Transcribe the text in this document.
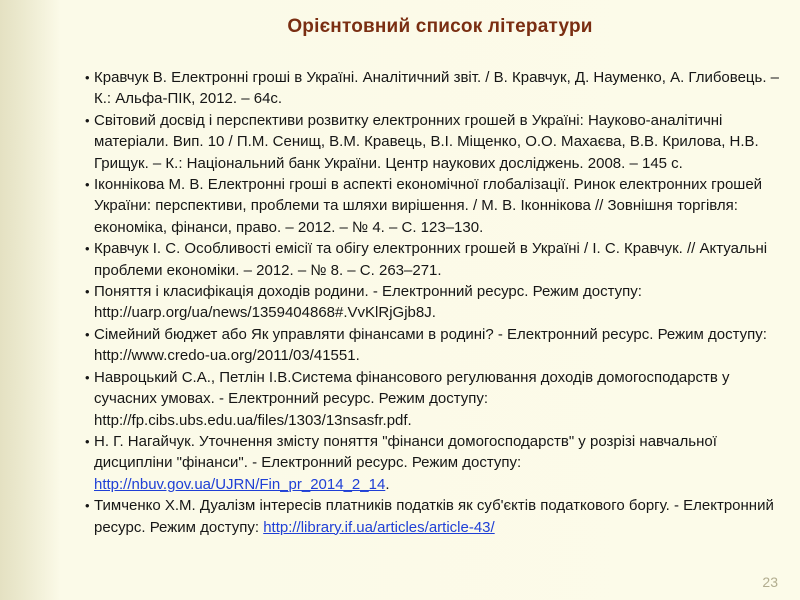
Орієнтовний список літератури
• Кравчук В. Електронні гроші в Україні. Аналітичний звіт. / В. Кравчук, Д. Науменко, А. Глибовець. – К.: Альфа-ПІК, 2012. – 64с.
• Світовий досвід і перспективи розвитку електронних грошей в Україні: Науково-аналітичні матеріали. Вип. 10 / П.М. Сенищ, В.М. Кравець, В.І. Міщенко, О.О. Махаєва, В.В. Крилова, Н.В. Грищук. – К.: Національний банк України. Центр наукових досліджень. 2008. – 145 с.
• Іконнікова М. В. Електронні гроші в аспекті економічної глобалізації. Ринок електронних грошей України: перспективи, проблеми та шляхи вирішення. / М. В. Іконнікова // Зовнішня торгівля: економіка, фінанси, право. – 2012. – № 4. – С. 123–130.
• Кравчук І. С. Особливості емісії та обігу електронних грошей в Україні / І. С. Кравчук. // Актуальні проблеми економіки. – 2012. – № 8. – С. 263–271.
• Поняття і класифікація доходів родини. - Електронний ресурс. Режим доступу: http://uarp.org/ua/news/1359404868#.VvKlRjGjb8J.
• Сімейний бюджет або Як управляти фінансами в родині? - Електронний ресурс. Режим доступу: http://www.credo-ua.org/2011/03/41551.
• Навроцький С.А., Петлін І.В.Система фінансового регулювання доходів домогосподарств у сучасних умовах. - Електронний ресурс. Режим доступу: http://fp.cibs.ubs.edu.ua/files/1303/13nsasfr.pdf.
• Н. Г. Нагайчук. Уточнення змісту поняття "фінанси домогосподарств" у розрізі навчальної дисципліни "фінанси". - Електронний ресурс. Режим доступу: http://nbuv.gov.ua/UJRN/Fin_pr_2014_2_14.
• Тимченко Х.М. Дуалізм інтересів платників податків як суб'єктів податкового боргу. - Електронний ресурс. Режим доступу: http://library.if.ua/articles/article-43/
23
